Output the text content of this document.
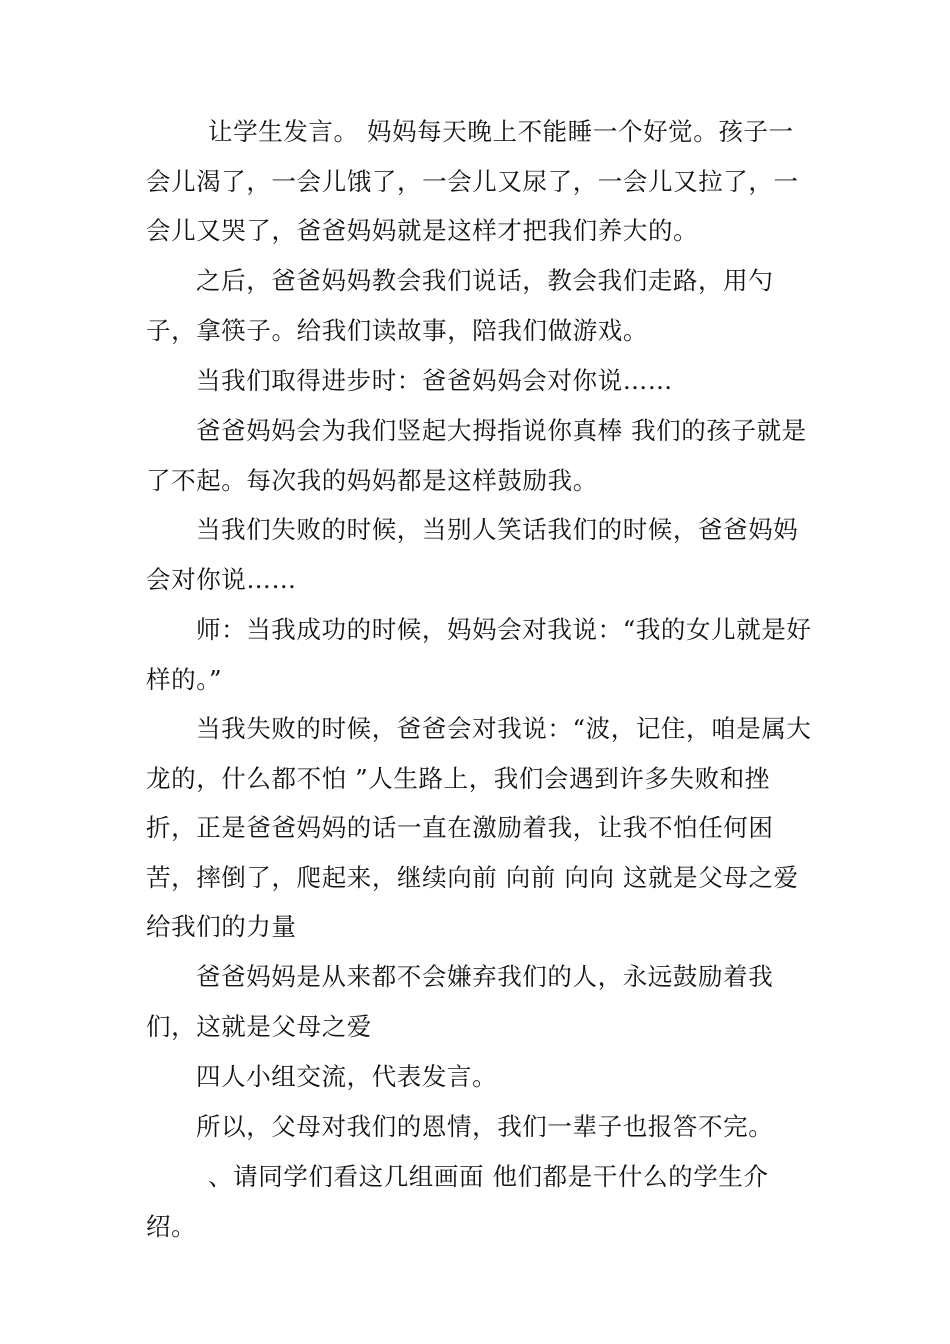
让学生发言。 妈妈每天晚上不能睡一个好觉。孩子一会儿渴了，一会儿饿了，一会儿又尿了，一会儿又拉了，一会儿又哭了，爸爸妈妈就是这样才把我们养大的。

之后，爸爸妈妈教会我们说话，教会我们走路，用勺子，拿筷子。给我们读故事，陪我们做游戏。

当我们取得进步时：爸爸妈妈会对你说……

爸爸妈妈会为我们竖起大拇指说你真棒 我们的孩子就是了不起。每次我的妈妈都是这样鼓励我。

当我们失败的时候，当别人笑话我们的时候，爸爸妈妈会对你说……

师：当我成功的时候，妈妈会对我说：“我的女儿就是好样的。”

当我失败的时候，爸爸会对我说：“波，记住，咱是属大龙的，什么都不怕 ”人生路上，我们会遇到许多失败和挫折，正是爸爸妈妈的话一直在激励着我，让我不怕任何困苦，摔倒了，爬起来，继续向前 向前 向向 这就是父母之爱给我们的力量

爸爸妈妈是从来都不会嫌弃我们的人，永远鼓励着我们，这就是父母之爱

四人小组交流，代表发言。

所以，父母对我们的恩情，我们一辈子也报答不完。

、请同学们看这几组画面 他们都是干什么的学生介绍。
